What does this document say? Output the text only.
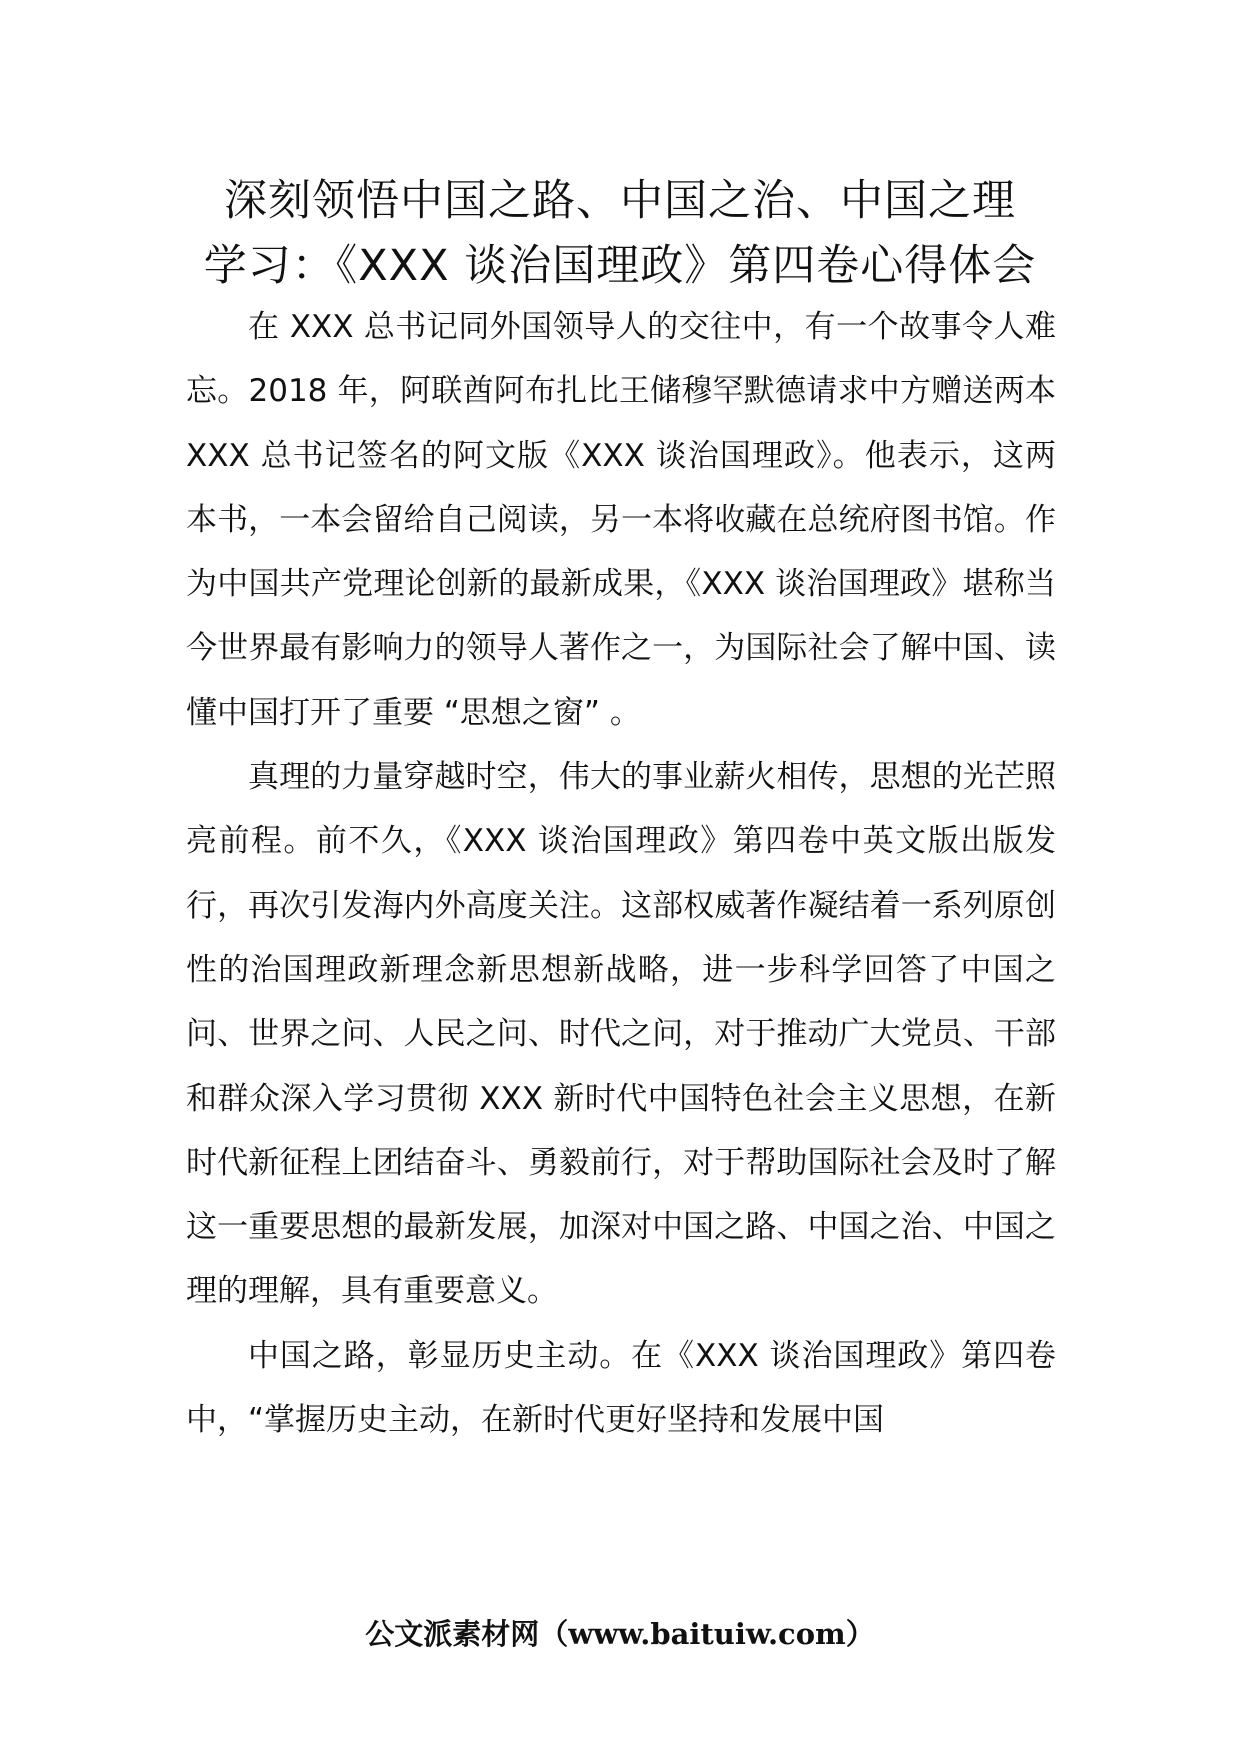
深刻领悟中国之路、中国之治、中国之理
学习：《XXX 谈治国理政》第四卷心得体会

在 XXX 总书记同外国领导人的交往中，有一个故事令人难忘。2018 年，阿联酋阿布扎比王储穆罕默德请求中方赠送两本 XXX 总书记签名的阿文版《XXX 谈治国理政》。他表示，这两本书，一本会留给自己阅读，另一本将收藏在总统府图书馆。作为中国共产党理论创新的最新成果，《XXX 谈治国理政》堪称当今世界最有影响力的领导人著作之一，为国际社会了解中国、读懂中国打开了重要 “思想之窗” 。

真理的力量穿越时空，伟大的事业薪火相传，思想的光芒照亮前程。前不久，《XXX 谈治国理政》第四卷中英文版出版发行，再次引发海内外高度关注。这部权威著作凝结着一系列原创性的治国理政新理念新思想新战略，进一步科学回答了中国之问、世界之问、人民之问、时代之问，对于推动广大党员、干部和群众深入学习贯彻 XXX 新时代中国特色社会主义思想，在新时代新征程上团结奋斗、勇毅前行，对于帮助国际社会及时了解这一重要思想的最新发展，加深对中国之路、中国之治、中国之理的理解，具有重要意义。

中国之路，彰显历史主动。在《XXX 谈治国理政》第四卷中，“掌握历史主动，在新时代更好坚持和发展中国

公文派素材网（www.baituiw.com）
